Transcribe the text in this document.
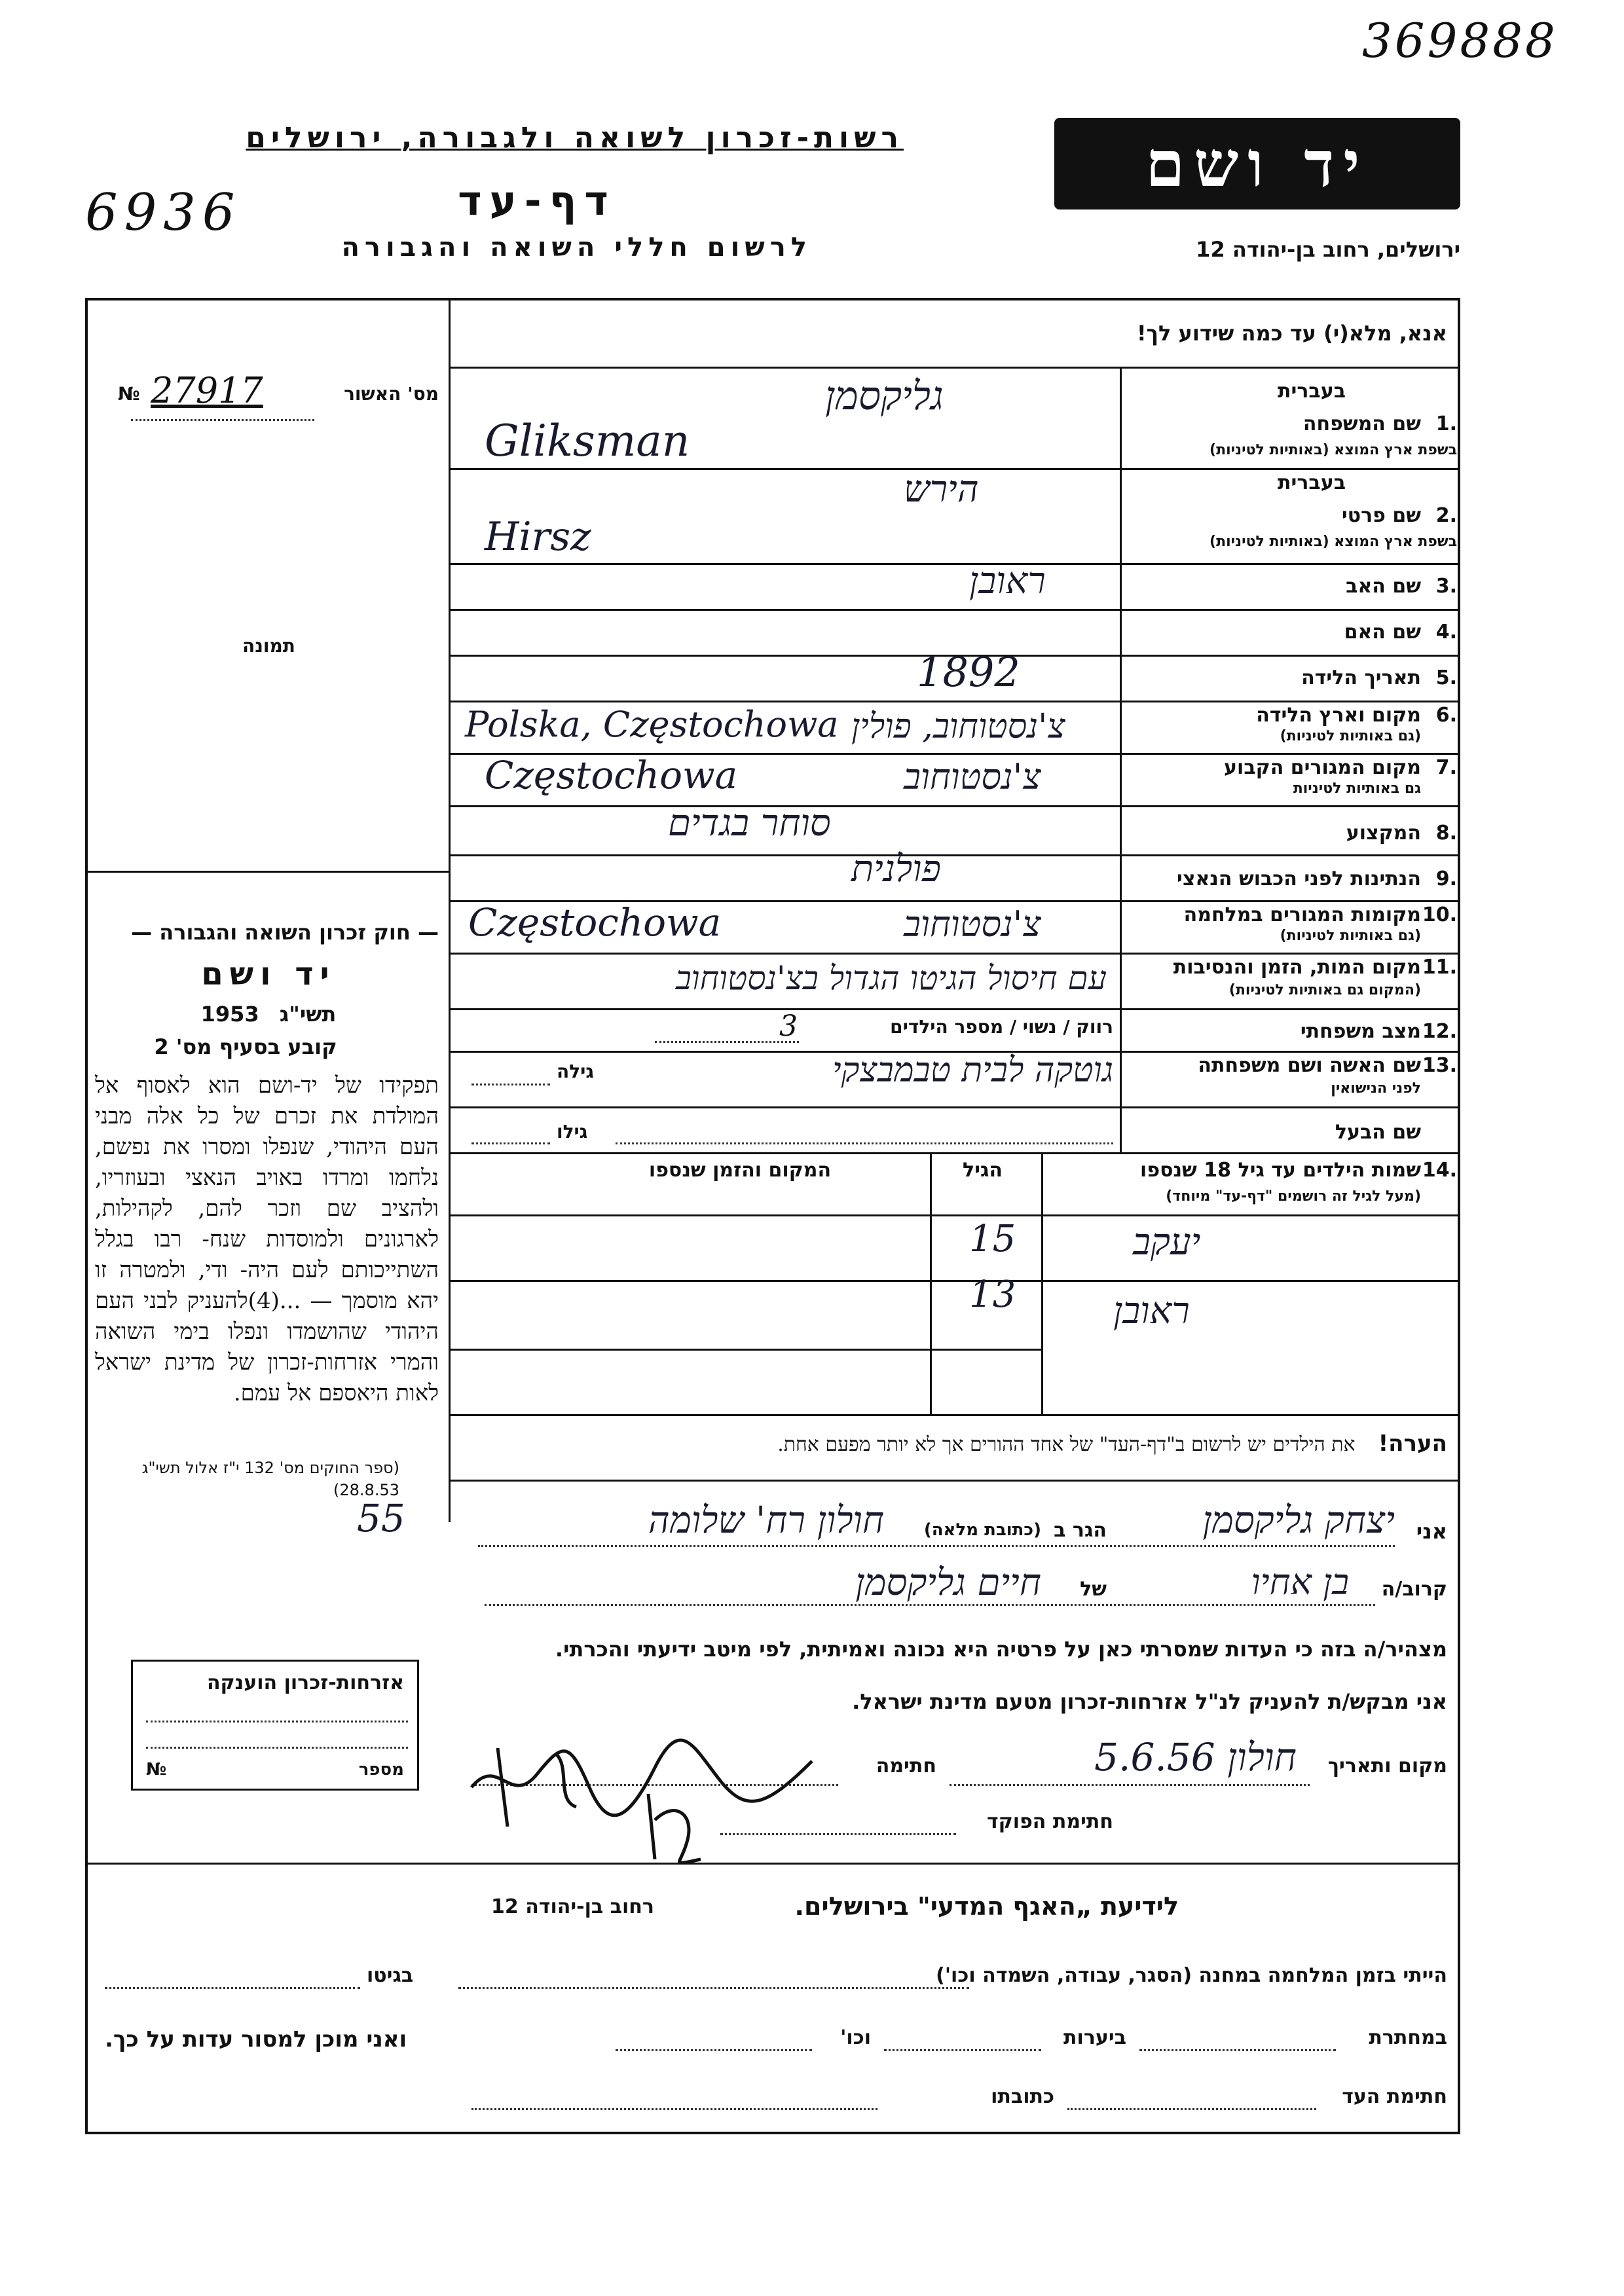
369888
6936
רשות-זכרון לשואה ולגבורה, ירושלים
דף-עד
לרשום חללי השואה והגבורה
יד ושם
ירושלים, רחוב בן-יהודה 12
אנא, מלא(י) עד כמה שידוע לך!
מס' האשור
№ 27917
תמונה
— חוק זכרון השואה והגבורה —
יד ושם
1953 תשי"ג
קובע בסעיף מס' 2
תפקידו של יד-ושם הוא לאסוף אל המולדת את זכרם של כל אלה מבני העם היהודי, שנפלו ומסרו את נפשם, נלחמו ומרדו באויב הנאצי ובעוזריו, ולהציב שם וזכר להם, לקהילות, לארגונים ולמוסדות שנח- רבו בגלל השתייכותם לעם היה- ודי, ולמטרה זו יהא מוסמך — ...(4)להעניק לבני העם היהודי שהושמדו ונפלו בימי השואה והמרי אזרחות-זכרון של מדינת ישראל לאות היאספם אל עמם.
(ספר החוקים מס' 132 י"ז אלול תשי"ג 28.8.53)
אזרחות-זכרון הוענקה
מספר
№
1.
שם המשפחה
בעברית
בשפת ארץ המוצא (באותיות לטיניות)
גליקסמן
Gliksman
2.
שם פרטי
בעברית
בשפת ארץ המוצא (באותיות לטיניות)
הירש
Hirsz
3.
שם האב
ראובן
4.
שם האם
5.
תאריך הלידה
1892
6.
מקום וארץ הלידה
(גם באותיות לטיניות)
Polska, Częstochowa צ'נסטוחוב, פולין
7.
מקום המגורים הקבוע
גם באותיות לטיניות
Częstochowa	צ'נסטוחוב
8.
המקצוע
סוחר בגדים
9.
הנתינות לפני הכבוש הנאצי
פולנית
10.
מקומות המגורים במלחמה
(גם באותיות לטיניות)
Częstochowa	צ'נסטוחוב
11.
מקום המות, הזמן והנסיבות
(המקום גם באותיות לטיניות)
עם חיסול הגיטו הגדול בצ'נסטוחוב
12.
מצב משפחתי
רווק / נשוי / מספר הילדים
3
13.
שם האשה ושם משפחתה
לפני הנישואין
גילה	גוטקה לבית טבמבצקי
שם הבעל
גילו
14.
שמות הילדים עד גיל 18 שנספו
(מעל לגיל זה רושמים "דף-עד" מיוחד)
הגיל
המקום והזמן שנספו
יעקב
15
ראובן
13
הערה! את הילדים יש לרשום ב"דף-העד" של אחד ההורים אך לא יותר מפעם אחת.
אני
יצחק גליקסמן
הגר ב
(כתובת מלאה)
חולון רח' שלומה
55
קרוב/ה
בן אחיו
של
חיים גליקסמן
מצהיר/ה בזה כי העדות שמסרתי כאן על פרטיה היא נכונה ואמיתית, לפי מיטב ידיעתי והכרתי.
אני מבקש/ת להעניק לנ"ל אזרחות-זכרון מטעם מדינת ישראל.
מקום ותאריך
חולון 5.6.56
חתימה
חתימת הפוקד
לידיעת „האגף המדעי" בירושלים.
רחוב בן-יהודה 12
הייתי בזמן המלחמה במחנה (הסגר, עבודה, השמדה וכו')
בגיטו
במחתרת
ביערות
וכו'
ואני מוכן למסור עדות על כך.
חתימת העד
כתובתו
